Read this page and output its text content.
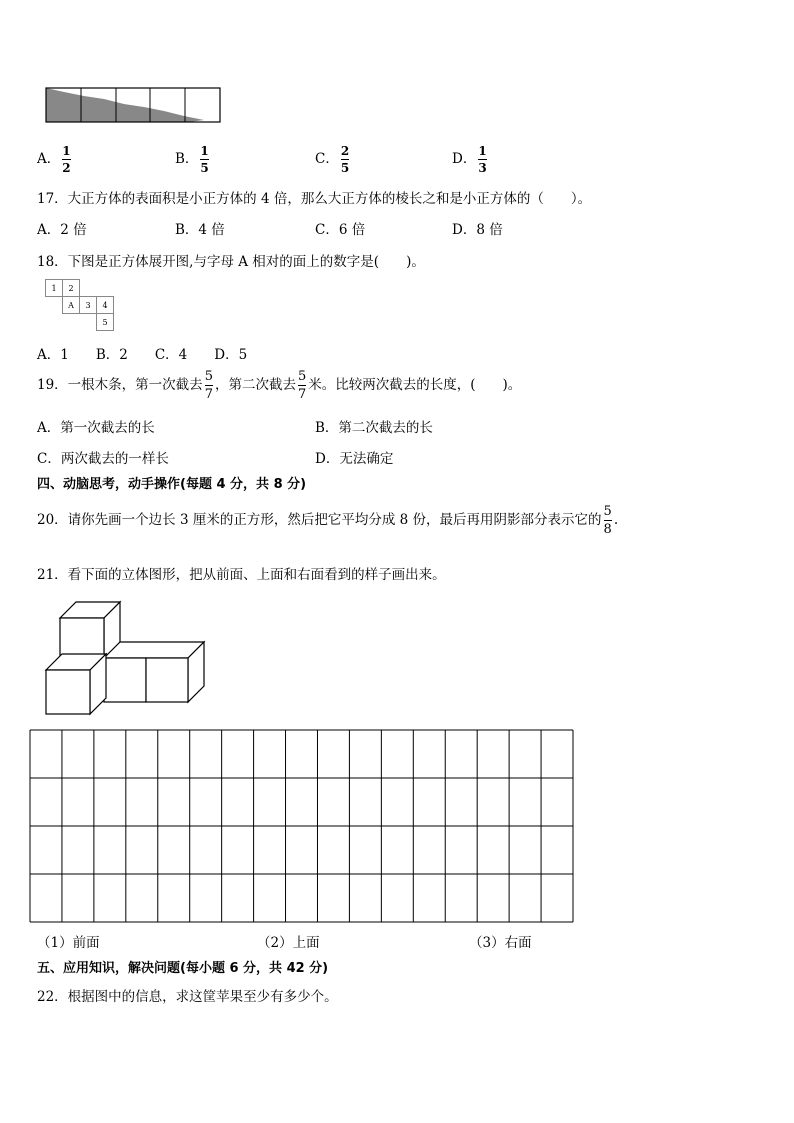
A． $\frac{1}{2}$	B． $\frac{1}{5}$	C． $\frac{2}{5}$	D． $\frac{1}{3}$
17．大正方体的表面积是小正方体的 4 倍，那么大正方体的棱长之和是小正方体的（　　）。
A．2 倍	B．4 倍	C．6 倍	D．8 倍
18．下图是正方体展开图,与字母 A 相对的面上的数字是(　　)。
1	2		
	A	3	4
			5
A．1　　B．2　　C．4　　D．5
19．一根木条，第一次截去 $\frac{5}{7}$ ，第二次截去 $\frac{5}{7}$ 米。比较两次截去的长度，(　　)。
A．第一次截去的长	B．第二次截去的长
C．两次截去的一样长	D．无法确定
四、动脑思考，动手操作(每题 4 分，共 8 分)
20．请你先画一个边长 3 厘米的正方形，然后把它平均分成 8 份，最后再用阴影部分表示它的 $\frac{5}{8}$ .
21．看下面的立体图形，把从前面、上面和右面看到的样子画出来。
（1）前面	（2）上面	（3）右面
五、应用知识，解决问题(每小题 6 分，共 42 分)
22．根据图中的信息，求这筐苹果至少有多少个。
